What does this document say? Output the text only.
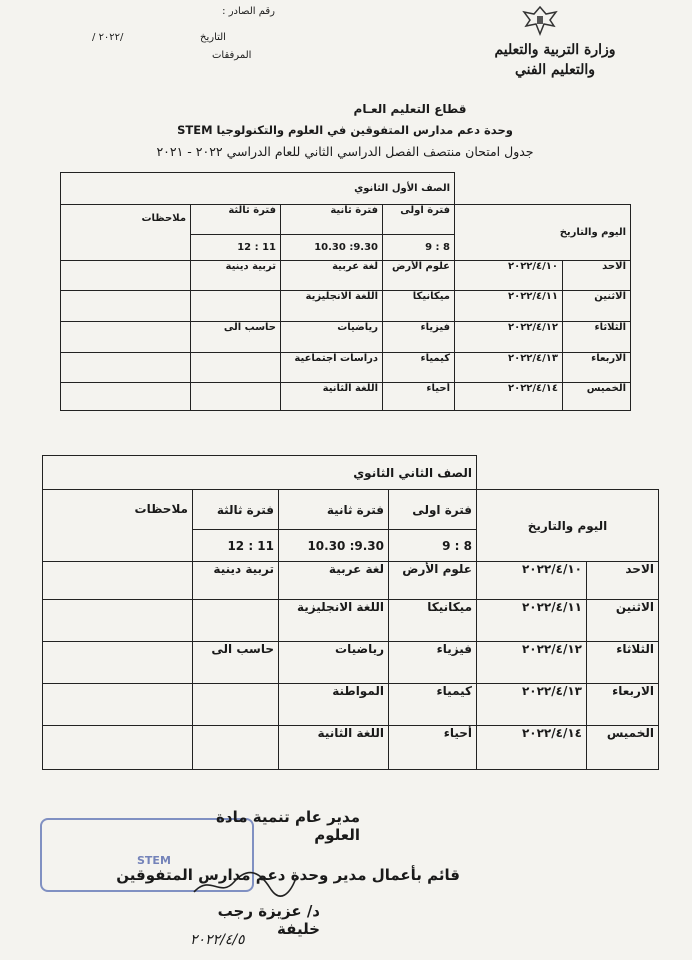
رقم الصادر :
التاريخ
/ ٢٠٢٢/
المرفقات	وزارة التربية والتعليم
والتعليم الفني
قطاع التعليم العـام
وحدة دعم مدارس المتفوقين في العلوم والتكنولوجيا STEM
جدول امتحان منتصف الفصل الدراسي الثاني للعام الدراسي ٢٠٢٢ - ٢٠٢١
		الصف الأول الثانوي			
اليوم والتاريخ		فترة اولى	فترة ثانية	فترة ثالثة	ملاحظات
		8 : 9	9.30: 10.30	11 : 12	
الاحد	٢٠٢٢/٤/١٠	علوم الأرض	لغة عربية	تربية دينية	
الاثنين	٢٠٢٢/٤/١١	ميكانيكا	اللغة الانجليزية		
الثلاثاء	٢٠٢٢/٤/١٢	فيزياء	رياضيات	حاسب الى	
الاربعاء	٢٠٢٢/٤/١٣	كيمياء	دراسات اجتماعية		
الخميس	٢٠٢٢/٤/١٤	أحياء	اللغة الثانية		
		الصف الثاني الثانوي			
اليوم والتاريخ		فترة اولى	فترة ثانية	فترة ثالثة	ملاحظات
		8 : 9	9.30: 10.30	11 : 12	
الاحد	٢٠٢٢/٤/١٠	علوم الأرض	لغة عربية	تربية دينية	
الاثنين	٢٠٢٢/٤/١١	ميكانيكا	اللغة الانجليزية		
الثلاثاء	٢٠٢٢/٤/١٢	فيزياء	رياضيات	حاسب الى	
الاربعاء	٢٠٢٢/٤/١٣	كيمياء	المواطنة		
الخميس	٢٠٢٢/٤/١٤	أحياء	اللغة الثانية		
STEM
مدير عام تنمية مادة العلوم
قائم بأعمال مدير وحدة دعم مدارس المتفوقين
د/ عزيزة رجب خليفة
٢٠٢٢/٤/٥
